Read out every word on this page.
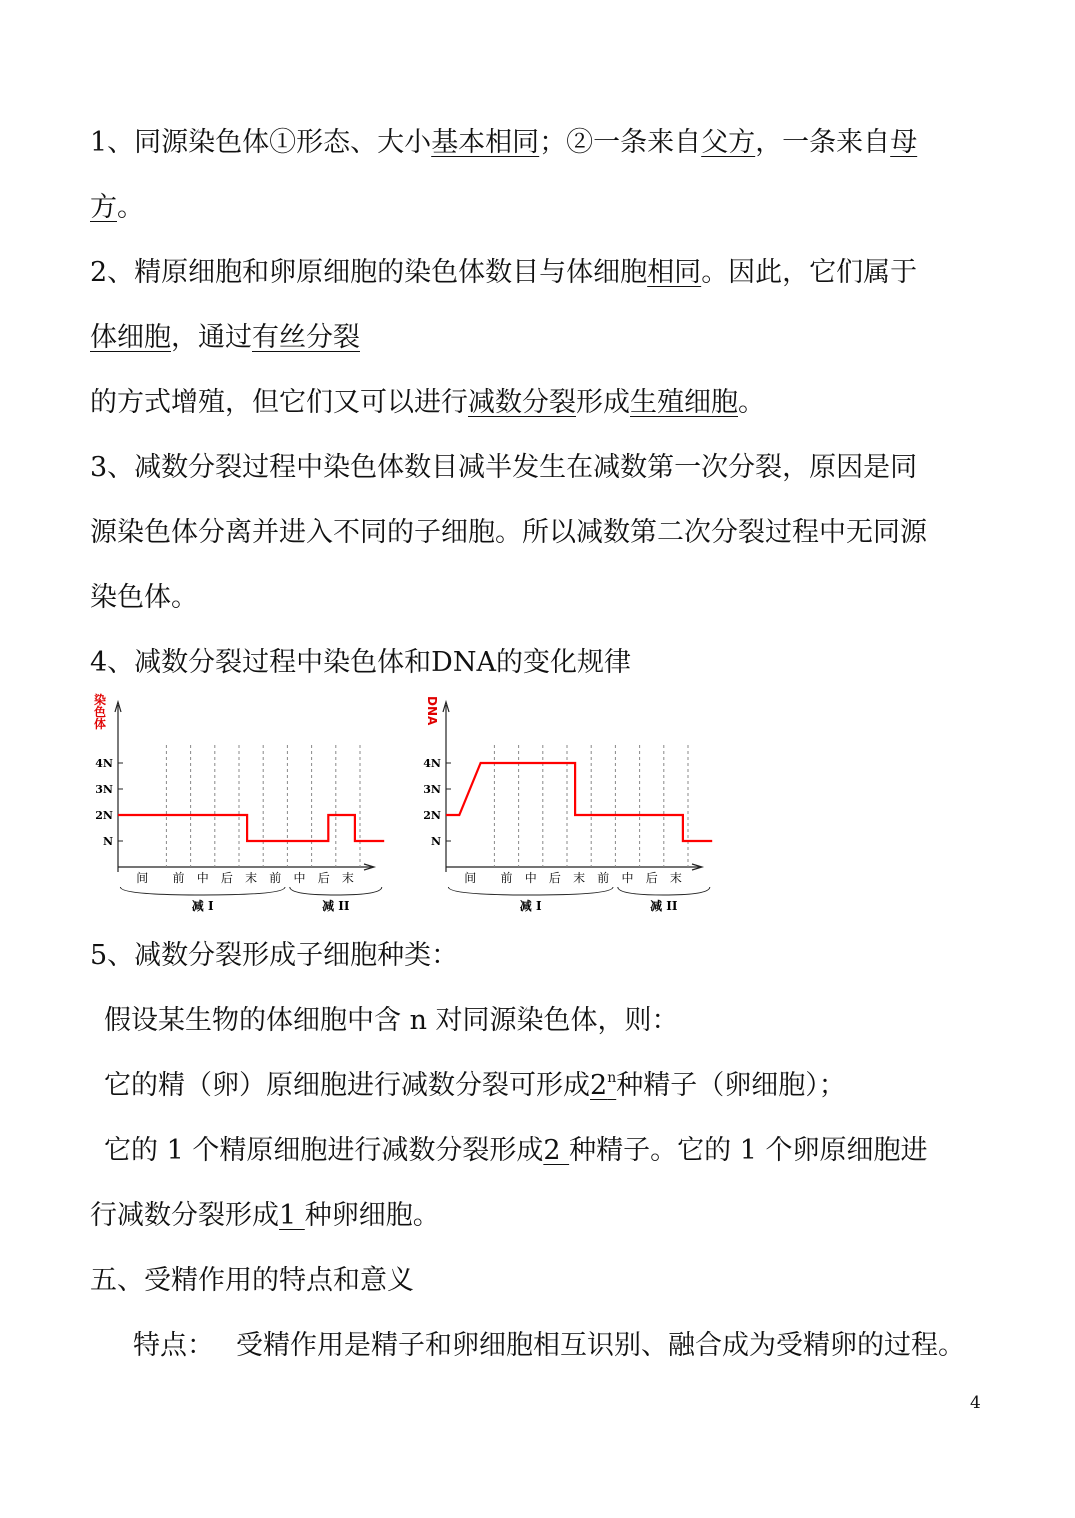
1、同源染色体①形态、大小基本相同；②一条来自父方，一条来自母
方。
2、精原细胞和卵原细胞的染色体数目与体细胞相同。因此，它们属于
体细胞，通过有丝分裂
的方式增殖，但它们又可以进行减数分裂形成生殖细胞。
3、减数分裂过程中染色体数目减半发生在减数第一次分裂，原因是同
源染色体分离并进入不同的子细胞。所以减数第二次分裂过程中无同源
染色体。
4、减数分裂过程中染色体和DNA的变化规律
染色体
4N
3N
2N
N
间 前 中 后 末 前 中 后 末
减 I	减 II
DNA
4N
3N
2N
N
间 前 中 后 末 前 中 后 末
减 I	减 II
5、减数分裂形成子细胞种类：
假设某生物的体细胞中含 n 对同源染色体，则：
它的精（卵）原细胞进行减数分裂可形成2$^n$种精子（卵细胞）；
它的 1 个精原细胞进行减数分裂形成2 种精子。它的 1 个卵原细胞进
行减数分裂形成1 种卵细胞。
五、受精作用的特点和意义
特点： 受精作用是精子和卵细胞相互识别、融合成为受精卵的过程。
4
